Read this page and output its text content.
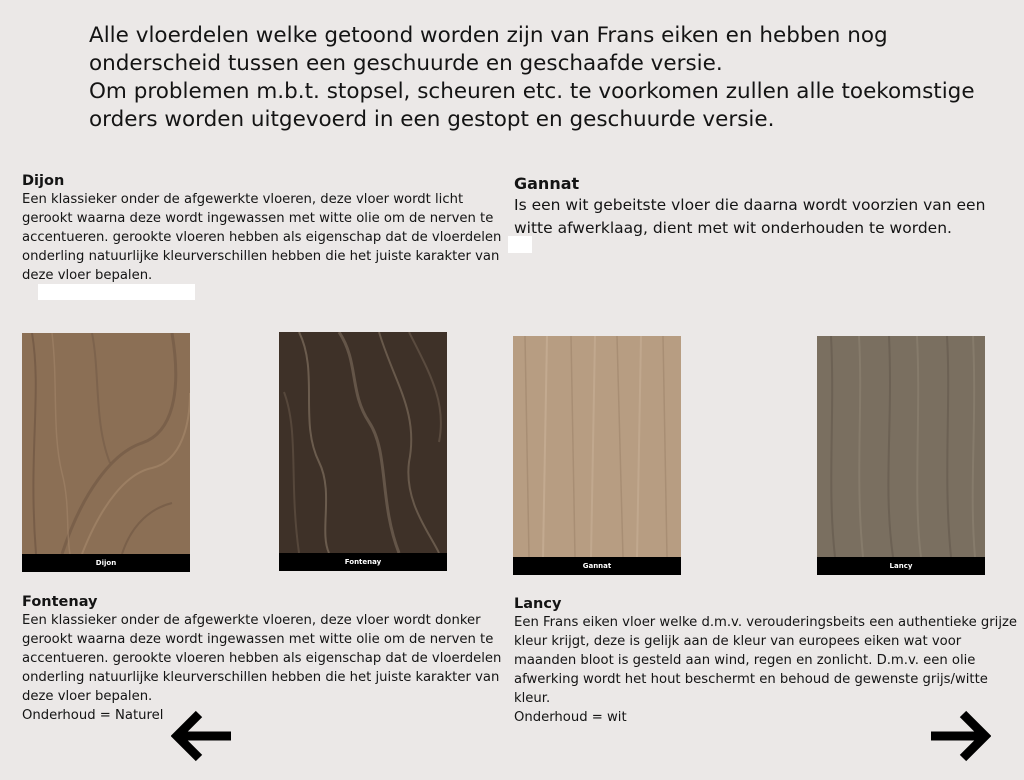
Alle vloerdelen welke getoond worden zijn van Frans eiken en hebben nog onderscheid tussen een geschuurde en geschaafde versie.

Om problemen m.b.t. stopsel, scheuren etc. te voorkomen zullen alle toekomstige orders worden uitgevoerd in een gestopt en geschuurde versie.

Dijon

Een klassieker onder de afgewerkte vloeren, deze vloer wordt licht gerookt waarna deze wordt ingewassen met witte olie om de nerven te accentueren. gerookte vloeren hebben als eigenschap dat de vloerdelen onderling natuurlijke kleurverschillen hebben die het juiste karakter van deze vloer bepalen.

Gannat

Is een wit gebeitste vloer die daarna wordt voorzien van een witte afwerklaag, dient met wit onderhouden te worden.

Dijon	Fontenay	Gannat	Lancy
Fontenay

Een klassieker onder de afgewerkte vloeren, deze vloer wordt donker gerookt waarna deze wordt ingewassen met witte olie om de nerven te accentueren. gerookte vloeren hebben als eigenschap dat de vloerdelen onderling natuurlijke kleurverschillen hebben die het juiste karakter van deze vloer bepalen.

Onderhoud = Naturel

Lancy

Een Frans eiken vloer welke d.m.v. verouderingsbeits een authentieke grijze kleur krijgt, deze is gelijk aan de kleur van europees eiken wat voor maanden bloot is gesteld aan wind, regen en zonlicht. D.m.v. een olie afwerking wordt het hout beschermt en behoud de gewenste grijs/witte kleur.

Onderhoud = wit
